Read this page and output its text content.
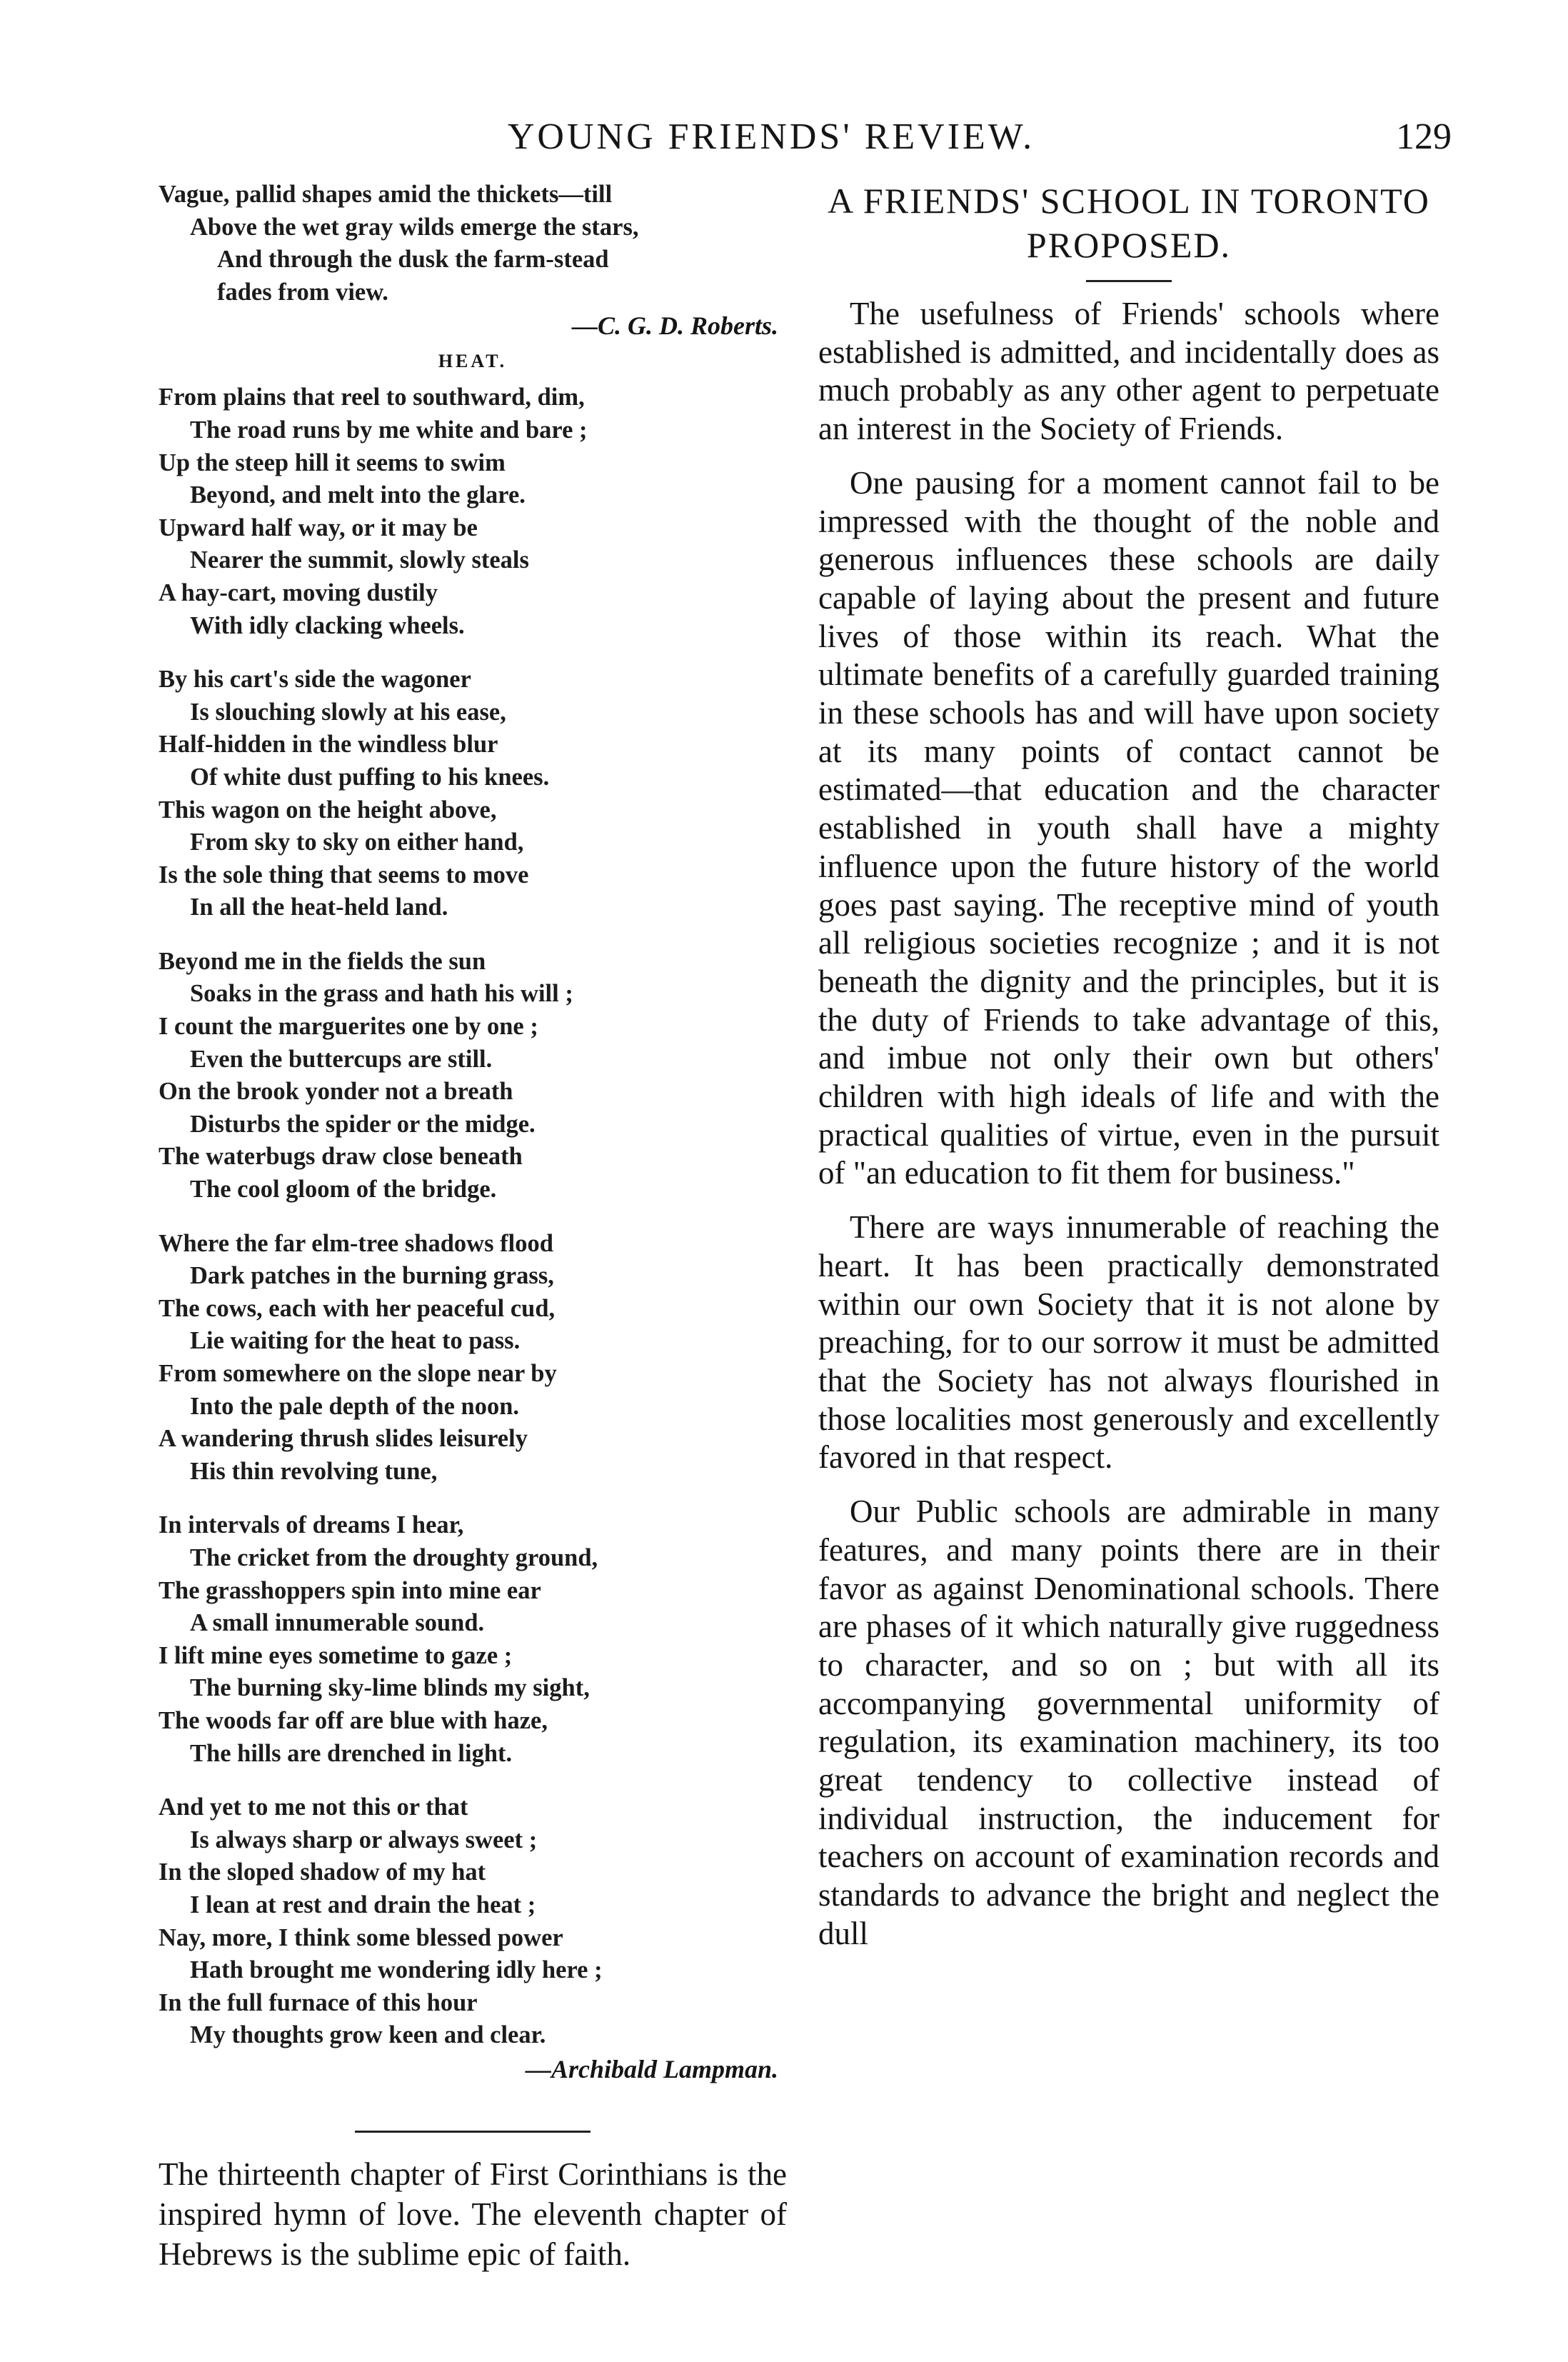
YOUNG FRIENDS' REVIEW.	129
Vague, pallid shapes amid the thickets—till
Above the wet gray wilds emerge the stars,
And through the dusk the farm-stead
fades from view.
—C. G. D. Roberts.
HEAT.
From plains that reel to southward, dim,
The road runs by me white and bare ;
Up the steep hill it seems to swim
Beyond, and melt into the glare.
Upward half way, or it may be
Nearer the summit, slowly steals
A hay-cart, moving dustily
With idly clacking wheels.
By his cart's side the wagoner
Is slouching slowly at his ease,
Half-hidden in the windless blur
Of white dust puffing to his knees.
This wagon on the height above,
From sky to sky on either hand,
Is the sole thing that seems to move
In all the heat-held land.
Beyond me in the fields the sun
Soaks in the grass and hath his will ;
I count the marguerites one by one ;
Even the buttercups are still.
On the brook yonder not a breath
Disturbs the spider or the midge.
The waterbugs draw close beneath
The cool gloom of the bridge.
Where the far elm-tree shadows flood
Dark patches in the burning grass,
The cows, each with her peaceful cud,
Lie waiting for the heat to pass.
From somewhere on the slope near by
Into the pale depth of the noon.
A wandering thrush slides leisurely
His thin revolving tune,
In intervals of dreams I hear,
The cricket from the droughty ground,
The grasshoppers spin into mine ear
A small innumerable sound.
I lift mine eyes sometime to gaze ;
The burning sky-lime blinds my sight,
The woods far off are blue with haze,
The hills are drenched in light.
And yet to me not this or that
Is always sharp or always sweet ;
In the sloped shadow of my hat
I lean at rest and drain the heat ;
Nay, more, I think some blessed power
Hath brought me wondering idly here ;
In the full furnace of this hour
My thoughts grow keen and clear.
—Archibald Lampman.
The thirteenth chapter of First Corinthians is the inspired hymn of love. The eleventh chapter of Hebrews is the sublime epic of faith.
A FRIENDS' SCHOOL IN TORONTO PROPOSED.

The usefulness of Friends' schools where established is admitted, and incidentally does as much probably as any other agent to perpetuate an interest in the Society of Friends.

One pausing for a moment cannot fail to be impressed with the thought of the noble and generous influences these schools are daily capable of laying about the present and future lives of those within its reach. What the ultimate benefits of a carefully guarded training in these schools has and will have upon society at its many points of contact cannot be estimated—that education and the character established in youth shall have a mighty influence upon the future history of the world goes past saying. The receptive mind of youth all religious societies recognize ; and it is not beneath the dignity and the principles, but it is the duty of Friends to take advantage of this, and imbue not only their own but others' children with high ideals of life and with the practical qualities of virtue, even in the pursuit of "an education to fit them for business."

There are ways innumerable of reaching the heart. It has been practically demonstrated within our own Society that it is not alone by preaching, for to our sorrow it must be admitted that the Society has not always flourished in those localities most generously and excellently favored in that respect.

Our Public schools are admirable in many features, and many points there are in their favor as against Denominational schools. There are phases of it which naturally give ruggedness to character, and so on ; but with all its accompanying governmental uniformity of regulation, its examination machinery, its too great tendency to collective instead of individual instruction, the inducement for teachers on account of examination records and standards to advance the bright and neglect the dull
